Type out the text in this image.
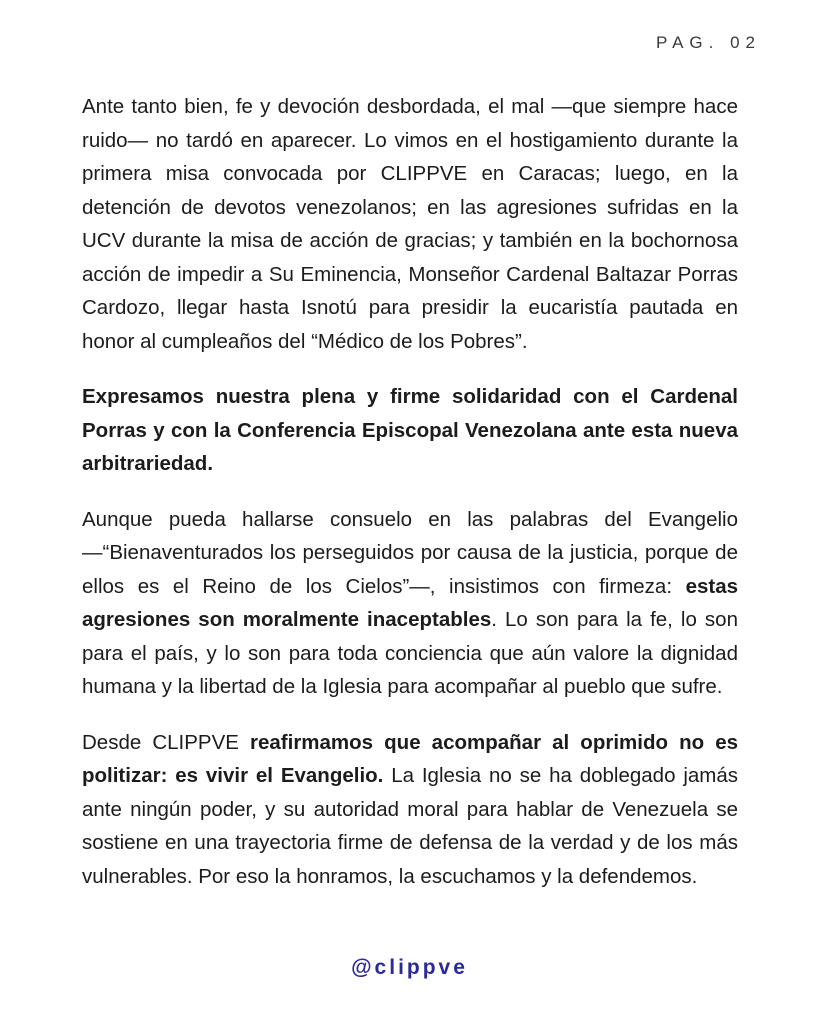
PAG. 02

Ante tanto bien, fe y devoción desbordada, el mal —que siempre hace ruido— no tardó en aparecer. Lo vimos en el hostigamiento durante la primera misa convocada por CLIPPVE en Caracas; luego, en la detención de devotos venezolanos; en las agresiones sufridas en la UCV durante la misa de acción de gracias; y también en la bochornosa acción de impedir a Su Eminencia, Monseñor Cardenal Baltazar Porras Cardozo, llegar hasta Isnotú para presidir la eucaristía pautada en honor al cumpleaños del “Médico de los Pobres”.

Expresamos nuestra plena y firme solidaridad con el Cardenal Porras y con la Conferencia Episcopal Venezolana ante esta nueva arbitrariedad.

Aunque pueda hallarse consuelo en las palabras del Evangelio —“Bienaventurados los perseguidos por causa de la justicia, porque de ellos es el Reino de los Cielos”—, insistimos con firmeza: estas agresiones son moralmente inaceptables. Lo son para la fe, lo son para el país, y lo son para toda conciencia que aún valore la dignidad humana y la libertad de la Iglesia para acompañar al pueblo que sufre.

Desde CLIPPVE reafirmamos que acompañar al oprimido no es politizar: es vivir el Evangelio. La Iglesia no se ha doblegado jamás ante ningún poder, y su autoridad moral para hablar de Venezuela se sostiene en una trayectoria firme de defensa de la verdad y de los más vulnerables. Por eso la honramos, la escuchamos y la defendemos.

@clippve
